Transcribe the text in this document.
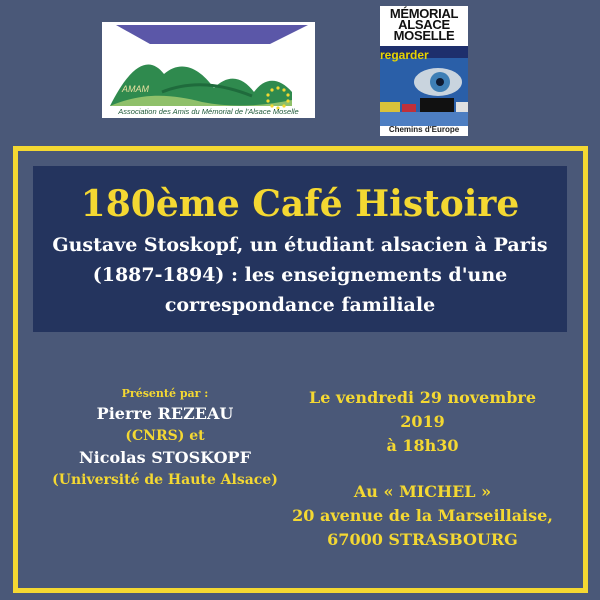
AMAM
Association des Amis du Mémorial de l'Alsace Moselle
MÉMORIAL
ALSACE
MOSELLE
regarder
Chemins d'Europe
180ème Café Histoire
Gustave Stoskopf, un étudiant alsacien à Paris (1887-1894) : les enseignements d'une correspondance familiale
Présenté par :
Pierre REZEAU
(CNRS) et
Nicolas STOSKOPF
(Université de Haute Alsace)
Le vendredi 29 novembre 2019
à 18h30
Au « MICHEL »
20 avenue de la Marseillaise,
67000 STRASBOURG
